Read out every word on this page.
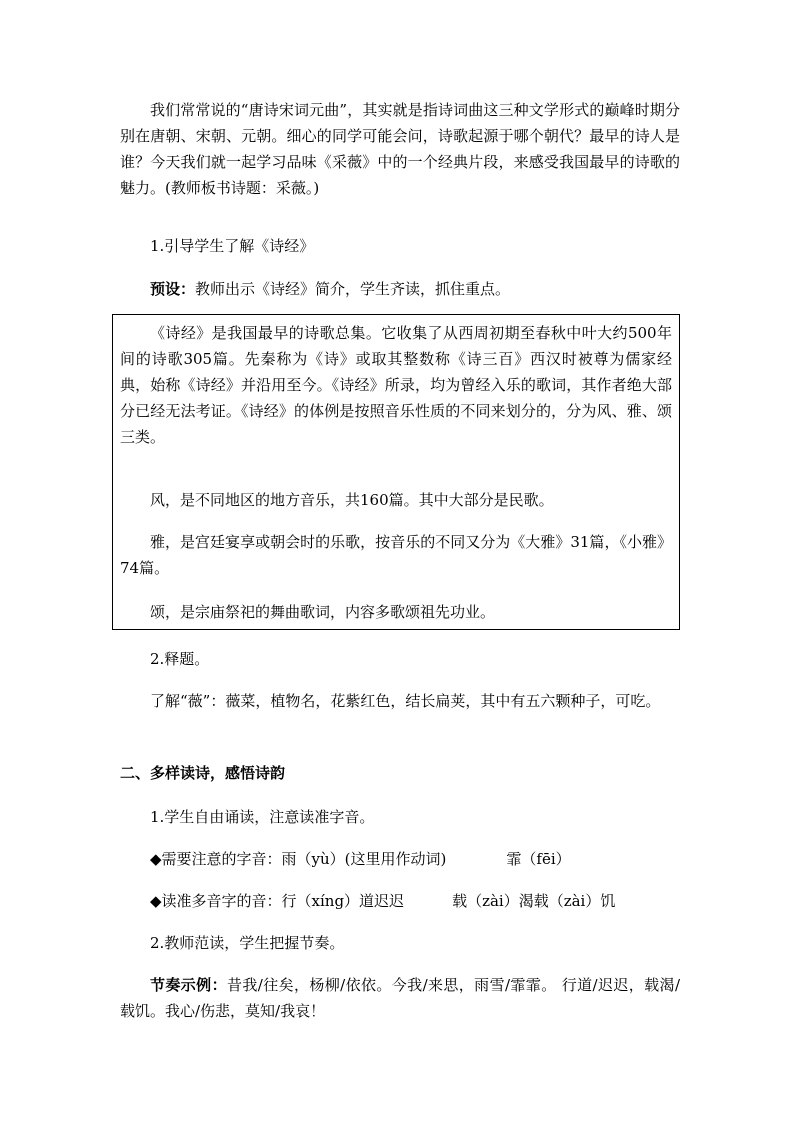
我们常常说的“唐诗宋词元曲”，其实就是指诗词曲这三种文学形式的巅峰时期分别在唐朝、宋朝、元朝。细心的同学可能会问，诗歌起源于哪个朝代？最早的诗人是谁？今天我们就一起学习品味《采薇》中的一个经典片段，来感受我国最早的诗歌的魅力。(教师板书诗题：采薇。)

1.引导学生了解《诗经》

预设：教师出示《诗经》简介，学生齐读，抓住重点。

《诗经》是我国最早的诗歌总集。它收集了从西周初期至春秋中叶大约500年间的诗歌305篇。先秦称为《诗》或取其整数称《诗三百》西汉时被尊为儒家经典，始称《诗经》并沿用至今。《诗经》所录，均为曾经入乐的歌词，其作者绝大部分已经无法考证。《诗经》的体例是按照音乐性质的不同来划分的，分为风、雅、颂三类。

风，是不同地区的地方音乐，共160篇。其中大部分是民歌。

雅，是宫廷宴享或朝会时的乐歌，按音乐的不同又分为《大雅》31篇，《小雅》74篇。

颂，是宗庙祭祀的舞曲歌词，内容多歌颂祖先功业。

2.释题。

了解“薇”：薇菜，植物名，花紫红色，结长扁荚，其中有五六颗种子，可吃。

二、多样读诗，感悟诗韵

1.学生自由诵读，注意读准字音。

◆需要注意的字音：雨（yù）(这里用作动词)	霏（fēi）

◆读准多音字的音：行（xíng）道迟迟	载（zài）渴载（zài）饥

2.教师范读，学生把握节奏。

节奏示例：昔我/往矣，杨柳/依依。今我/来思，雨雪/霏霏。 行道/迟迟，载渴/载饥。我心/伤悲，莫知/我哀！
